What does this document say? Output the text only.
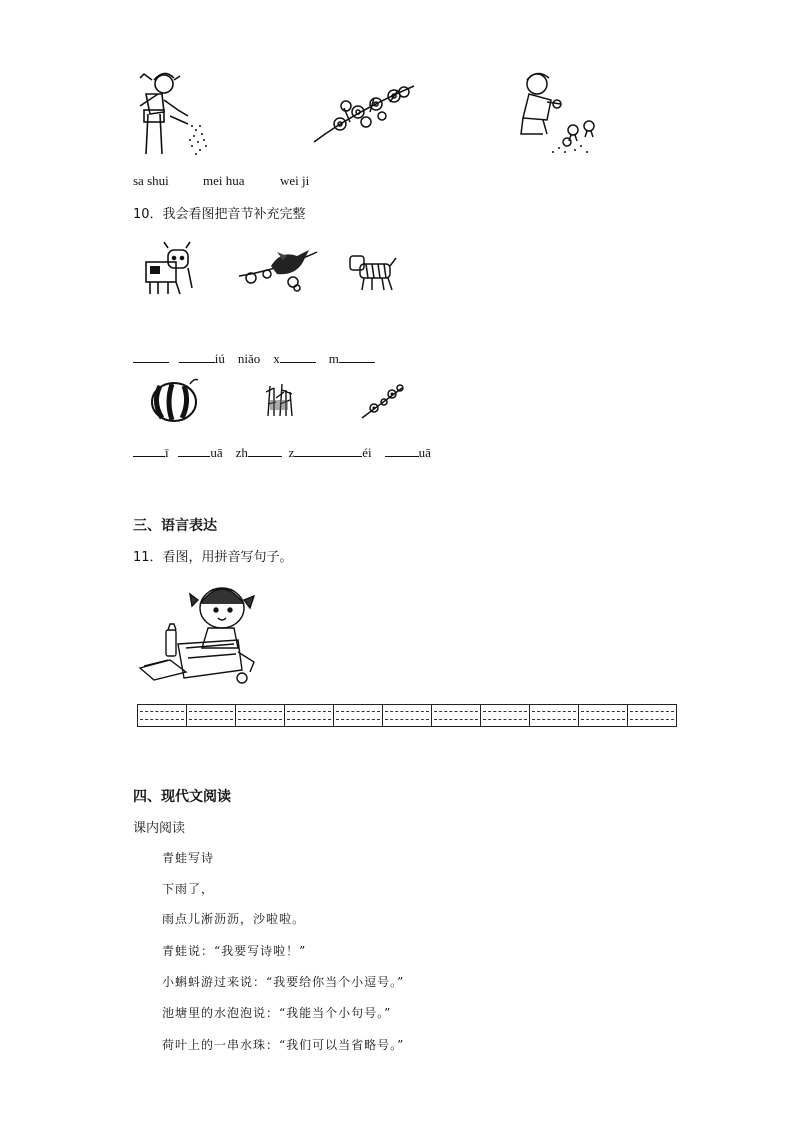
sa shui	mei hua	wei ji
10．我会看图把音节补充完整
iú niǎo x	m
ī	uā zh	z	éi	uā
三、语言表达
11．看图，用拼音写句子。
四、现代文阅读
课内阅读
青蛙写诗
下雨了，
雨点儿淅沥沥，沙啦啦。
青蛙说：“我要写诗啦！”
小蝌蚪游过来说：“我要给你当个小逗号。”
池塘里的水泡泡说：“我能当个小句号。”
荷叶上的一串水珠：“我们可以当省略号。”
